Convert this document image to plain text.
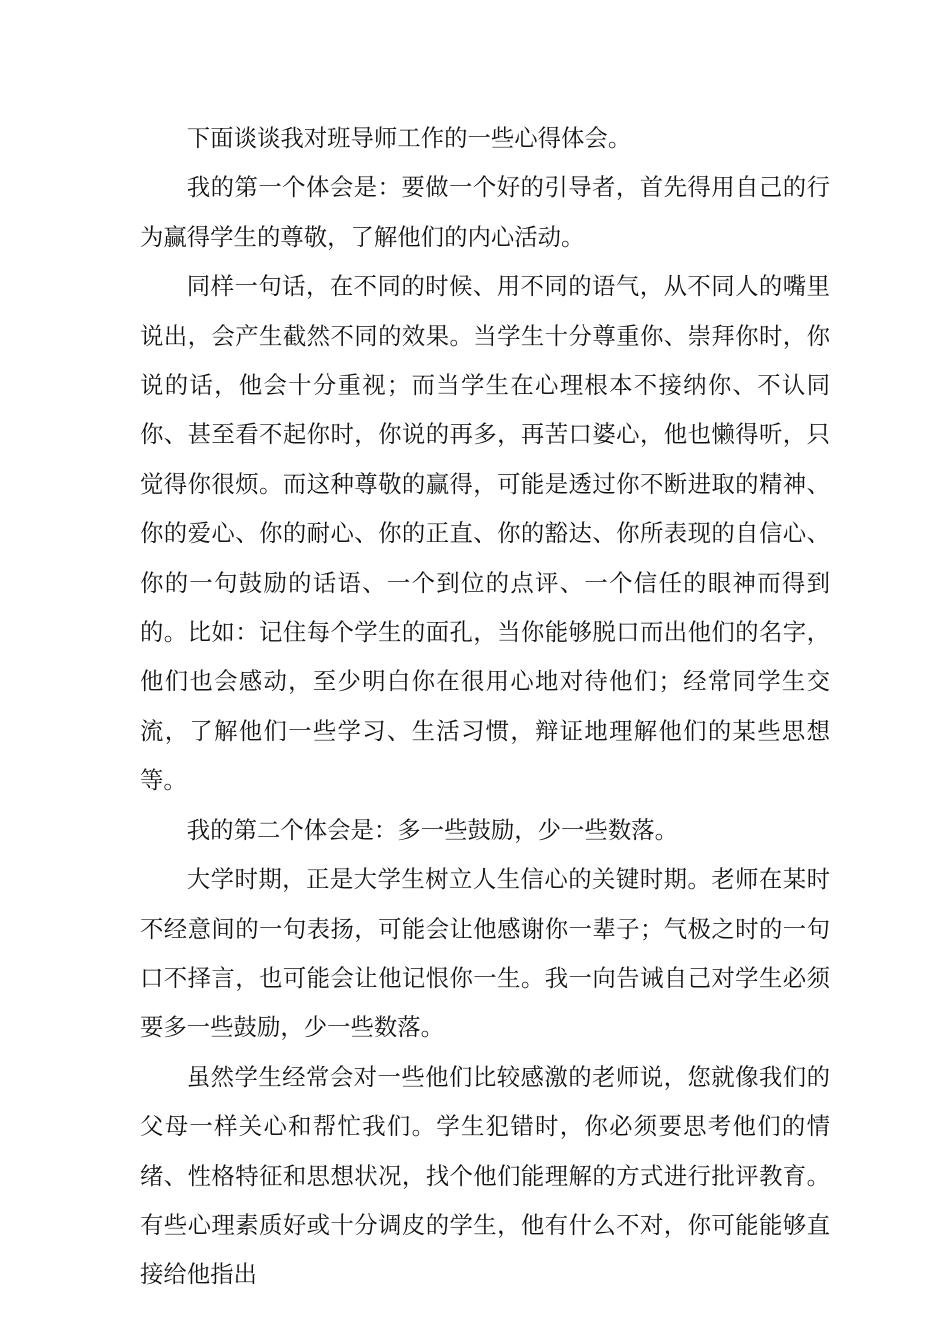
下面谈谈我对班导师工作的一些心得体会。

我的第一个体会是：要做一个好的引导者，首先得用自己的行为赢得学生的尊敬，了解他们的内心活动。

同样一句话，在不同的时候、用不同的语气，从不同人的嘴里说出，会产生截然不同的效果。当学生十分尊重你、崇拜你时，你说的话，他会十分重视；而当学生在心理根本不接纳你、不认同你、甚至看不起你时，你说的再多，再苦口婆心，他也懒得听，只觉得你很烦。而这种尊敬的赢得，可能是透过你不断进取的精神、你的爱心、你的耐心、你的正直、你的豁达、你所表现的自信心、你的一句鼓励的话语、一个到位的点评、一个信任的眼神而得到的。比如：记住每个学生的面孔，当你能够脱口而出他们的名字，他们也会感动，至少明白你在很用心地对待他们；经常同学生交流，了解他们一些学习、生活习惯，辩证地理解他们的某些思想等。

我的第二个体会是：多一些鼓励，少一些数落。

大学时期，正是大学生树立人生信心的关键时期。老师在某时不经意间的一句表扬，可能会让他感谢你一辈子；气极之时的一句口不择言，也可能会让他记恨你一生。我一向告诫自己对学生必须要多一些鼓励，少一些数落。

虽然学生经常会对一些他们比较感激的老师说，您就像我们的父母一样关心和帮忙我们。学生犯错时，你必须要思考他们的情绪、性格特征和思想状况，找个他们能理解的方式进行批评教育。有些心理素质好或十分调皮的学生，他有什么不对，你可能能够直接给他指出
